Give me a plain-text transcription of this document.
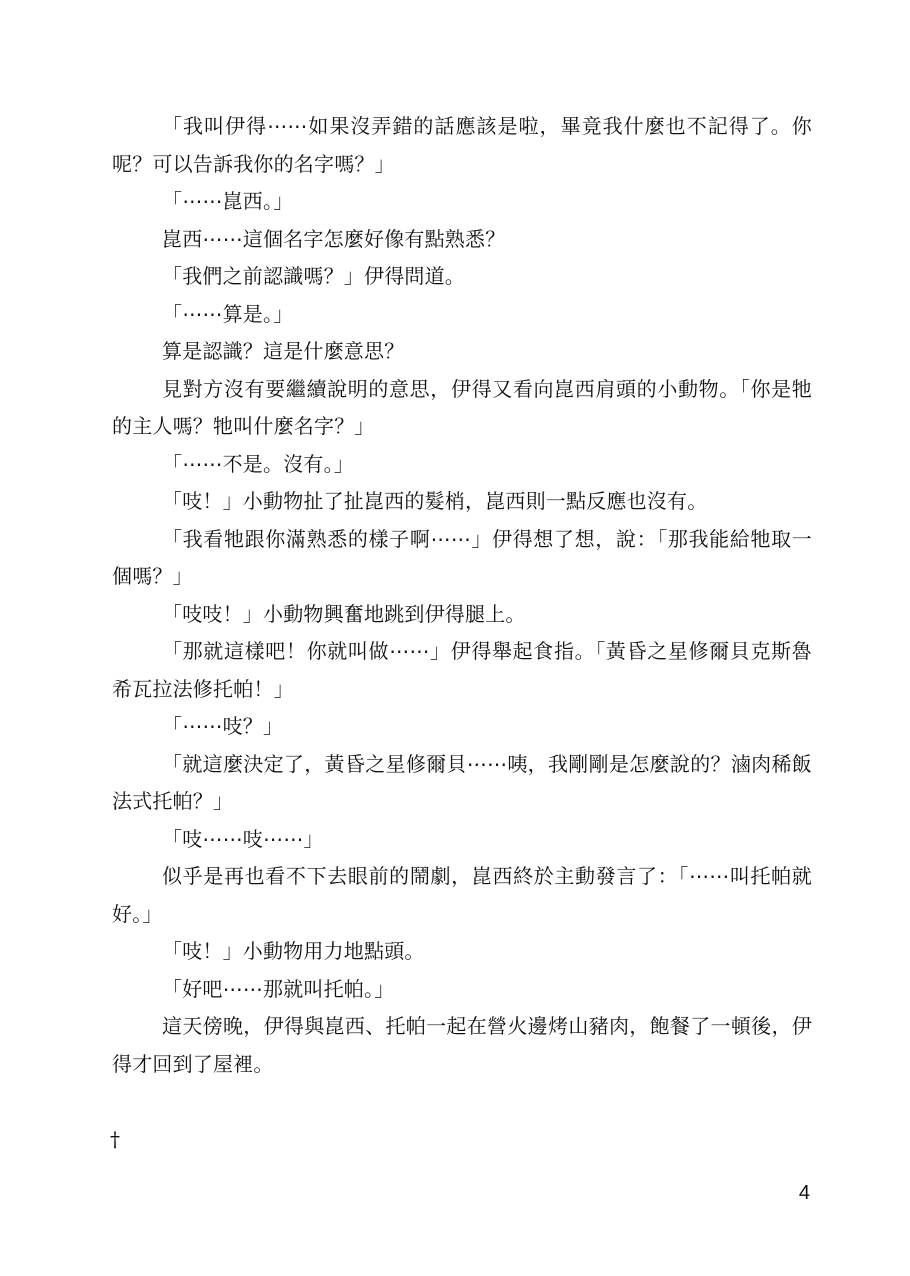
「我叫伊得⋯⋯如果沒弄錯的話應該是啦，畢竟我什麼也不記得了。你呢？可以告訴我你的名字嗎？」

「⋯⋯崑西。」

崑西⋯⋯這個名字怎麼好像有點熟悉？

「我們之前認識嗎？」伊得問道。

「⋯⋯算是。」

算是認識？這是什麼意思？

見對方沒有要繼續說明的意思，伊得又看向崑西肩頭的小動物。「你是牠的主人嗎？牠叫什麼名字？」

「⋯⋯不是。沒有。」

「吱！」小動物扯了扯崑西的髮梢，崑西則一點反應也沒有。

「我看牠跟你滿熟悉的樣子啊⋯⋯」伊得想了想，說：「那我能給牠取一個嗎？」

「吱吱！」小動物興奮地跳到伊得腿上。

「那就這樣吧！你就叫做⋯⋯」伊得舉起食指。「黃昏之星修爾貝克斯魯希瓦拉法修托帕！」

「⋯⋯吱？」

「就這麼決定了，黃昏之星修爾貝⋯⋯咦，我剛剛是怎麼說的？滷肉稀飯法式托帕？」

「吱⋯⋯吱⋯⋯」

似乎是再也看不下去眼前的鬧劇，崑西終於主動發言了：「⋯⋯叫托帕就好。」

「吱！」小動物用力地點頭。

「好吧⋯⋯那就叫托帕。」

這天傍晚，伊得與崑西、托帕一起在營火邊烤山豬肉，飽餐了一頓後，伊得才回到了屋裡。

†
4
